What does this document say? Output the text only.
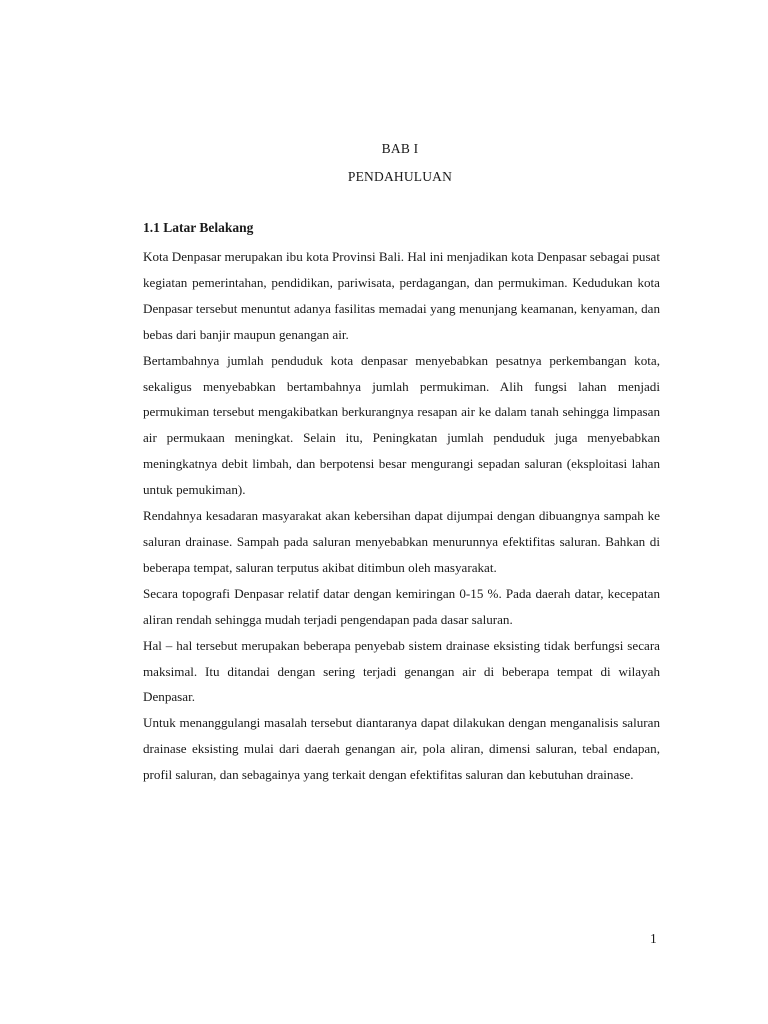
BAB I
PENDAHULUAN
1.1 Latar Belakang

Kota Denpasar merupakan ibu kota Provinsi Bali. Hal ini menjadikan kota Denpasar sebagai pusat kegiatan pemerintahan, pendidikan, pariwisata, perdagangan, dan permukiman. Kedudukan kota Denpasar tersebut menuntut adanya fasilitas memadai yang menunjang keamanan, kenyaman, dan bebas dari banjir maupun genangan air.

Bertambahnya jumlah penduduk kota denpasar menyebabkan pesatnya perkembangan kota, sekaligus menyebabkan bertambahnya jumlah permukiman. Alih fungsi lahan menjadi permukiman tersebut mengakibatkan berkurangnya resapan air ke dalam tanah sehingga limpasan air permukaan meningkat. Selain itu, Peningkatan jumlah penduduk juga menyebabkan meningkatnya debit limbah, dan berpotensi besar mengurangi sepadan saluran (eksploitasi lahan untuk pemukiman).

Rendahnya kesadaran masyarakat akan kebersihan dapat dijumpai dengan dibuangnya sampah ke saluran drainase. Sampah pada saluran menyebabkan menurunnya efektifitas saluran. Bahkan di beberapa tempat, saluran terputus akibat ditimbun oleh masyarakat.

Secara topografi Denpasar relatif datar dengan kemiringan 0-15 %. Pada daerah datar, kecepatan aliran rendah sehingga mudah terjadi pengendapan pada dasar saluran.

Hal – hal tersebut merupakan beberapa penyebab sistem drainase eksisting tidak berfungsi secara maksimal. Itu ditandai dengan sering terjadi genangan air di beberapa tempat di wilayah Denpasar.

Untuk menanggulangi masalah tersebut diantaranya dapat dilakukan dengan menganalisis saluran drainase eksisting mulai dari daerah genangan air, pola aliran, dimensi saluran, tebal endapan, profil saluran, dan sebagainya yang terkait dengan efektifitas saluran dan kebutuhan drainase.

1
